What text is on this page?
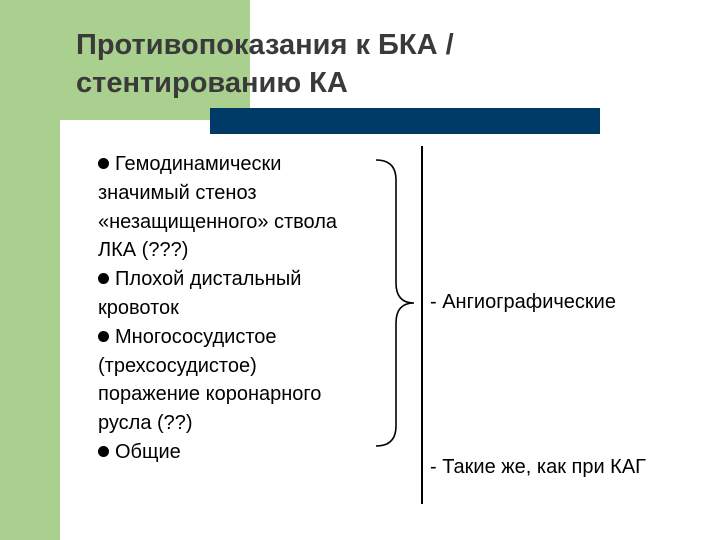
Противопоказания к БКА /
стентированию КА
Гемодинамически
значимый стеноз
«незащищенного» ствола
ЛКА (???)
Плохой дистальный
кровоток
Многососудистое
(трехсосудистое)
поражение коронарного
русла (??)
Общие
- Ангиографические
- Такие же, как при КАГ
